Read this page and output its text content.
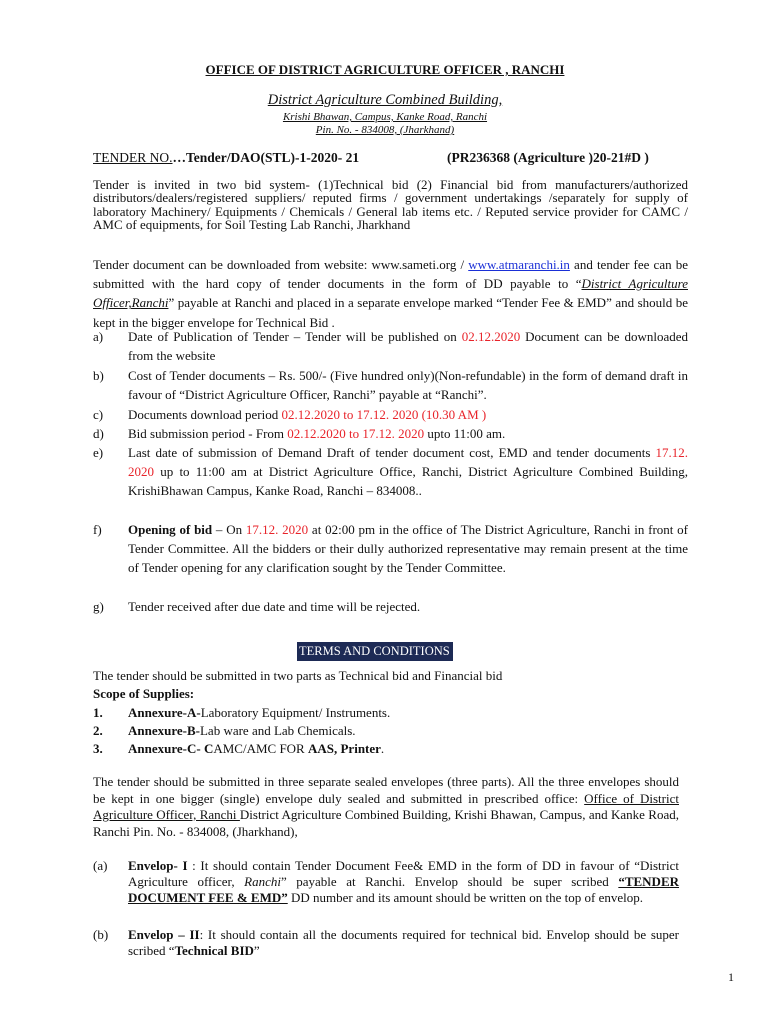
OFFICE OF DISTRICT AGRICULTURE OFFICER , RANCHI
District Agriculture Combined Building,
Krishi Bhawan, Campus, Kanke Road, Ranchi
Pin. No. - 834008, (Jharkhand)
TENDER NO.…Tender/DAO(STL)-1-2020- 21	(PR236368 (Agriculture )20-21#D )
Tender is invited in two bid system- (1)Technical bid (2) Financial bid from manufacturers/authorized distributors/dealers/registered suppliers/ reputed firms / government undertakings /separately for supply of laboratory Machinery/ Equipments / Chemicals / General lab items etc. / Reputed service provider for CAMC / AMC of equipments, for Soil Testing Lab Ranchi, Jharkhand
Tender document can be downloaded from website: www.sameti.org / www.atmaranchi.in and tender fee can be submitted with the hard copy of tender documents in the form of DD payable to “District Agriculture Officer,Ranchi” payable at Ranchi and placed in a separate envelope marked “Tender Fee & EMD” and should be kept in the bigger envelope for Technical Bid .
a)	Date of Publication of Tender – Tender will be published on 02.12.2020 Document can be downloaded from the website
b)	Cost of Tender documents – Rs. 500/- (Five hundred only)(Non-refundable) in the form of demand draft in favour of “District Agriculture Officer, Ranchi” payable at “Ranchi”.
c)	Documents download period 02.12.2020 to 17.12. 2020 (10.30 AM )
d)	Bid submission period - From 02.12.2020 to 17.12. 2020 upto 11:00 am.
e)	Last date of submission of Demand Draft of tender document cost, EMD and tender documents 17.12. 2020 up to 11:00 am at District Agriculture Office, Ranchi, District Agriculture Combined Building, KrishiBhawan Campus, Kanke Road, Ranchi – 834008..
f)	Opening of bid – On 17.12. 2020 at 02:00 pm in the office of The District Agriculture, Ranchi in front of Tender Committee. All the bidders or their dully authorized representative may remain present at the time of Tender opening for any clarification sought by the Tender Committee.
g)	Tender received after due date and time will be rejected.
TERMS AND CONDITIONS
The tender should be submitted in two parts as Technical bid and Financial bid
Scope of Supplies:
1. Annexure-A-Laboratory Equipment/ Instruments.
2. Annexure-B-Lab ware and Lab Chemicals.
3. Annexure-C- CAMC/AMC FOR AAS, Printer.
The tender should be submitted in three separate sealed envelopes (three parts). All the three envelopes should be kept in one bigger (single) envelope duly sealed and submitted in prescribed office: Office of District Agriculture Officer, Ranchi District Agriculture Combined Building, Krishi Bhawan, Campus, and Kanke Road, Ranchi Pin. No. - 834008, (Jharkhand),
(a) Envelop- I : It should contain Tender Document Fee& EMD in the form of DD in favour of “District Agriculture officer, Ranchi” payable at Ranchi. Envelop should be super scribed “TENDER DOCUMENT FEE & EMD” DD number and its amount should be written on the top of envelop.
(b) Envelop – II: It should contain all the documents required for technical bid. Envelop should be super scribed “Technical BID”
1
